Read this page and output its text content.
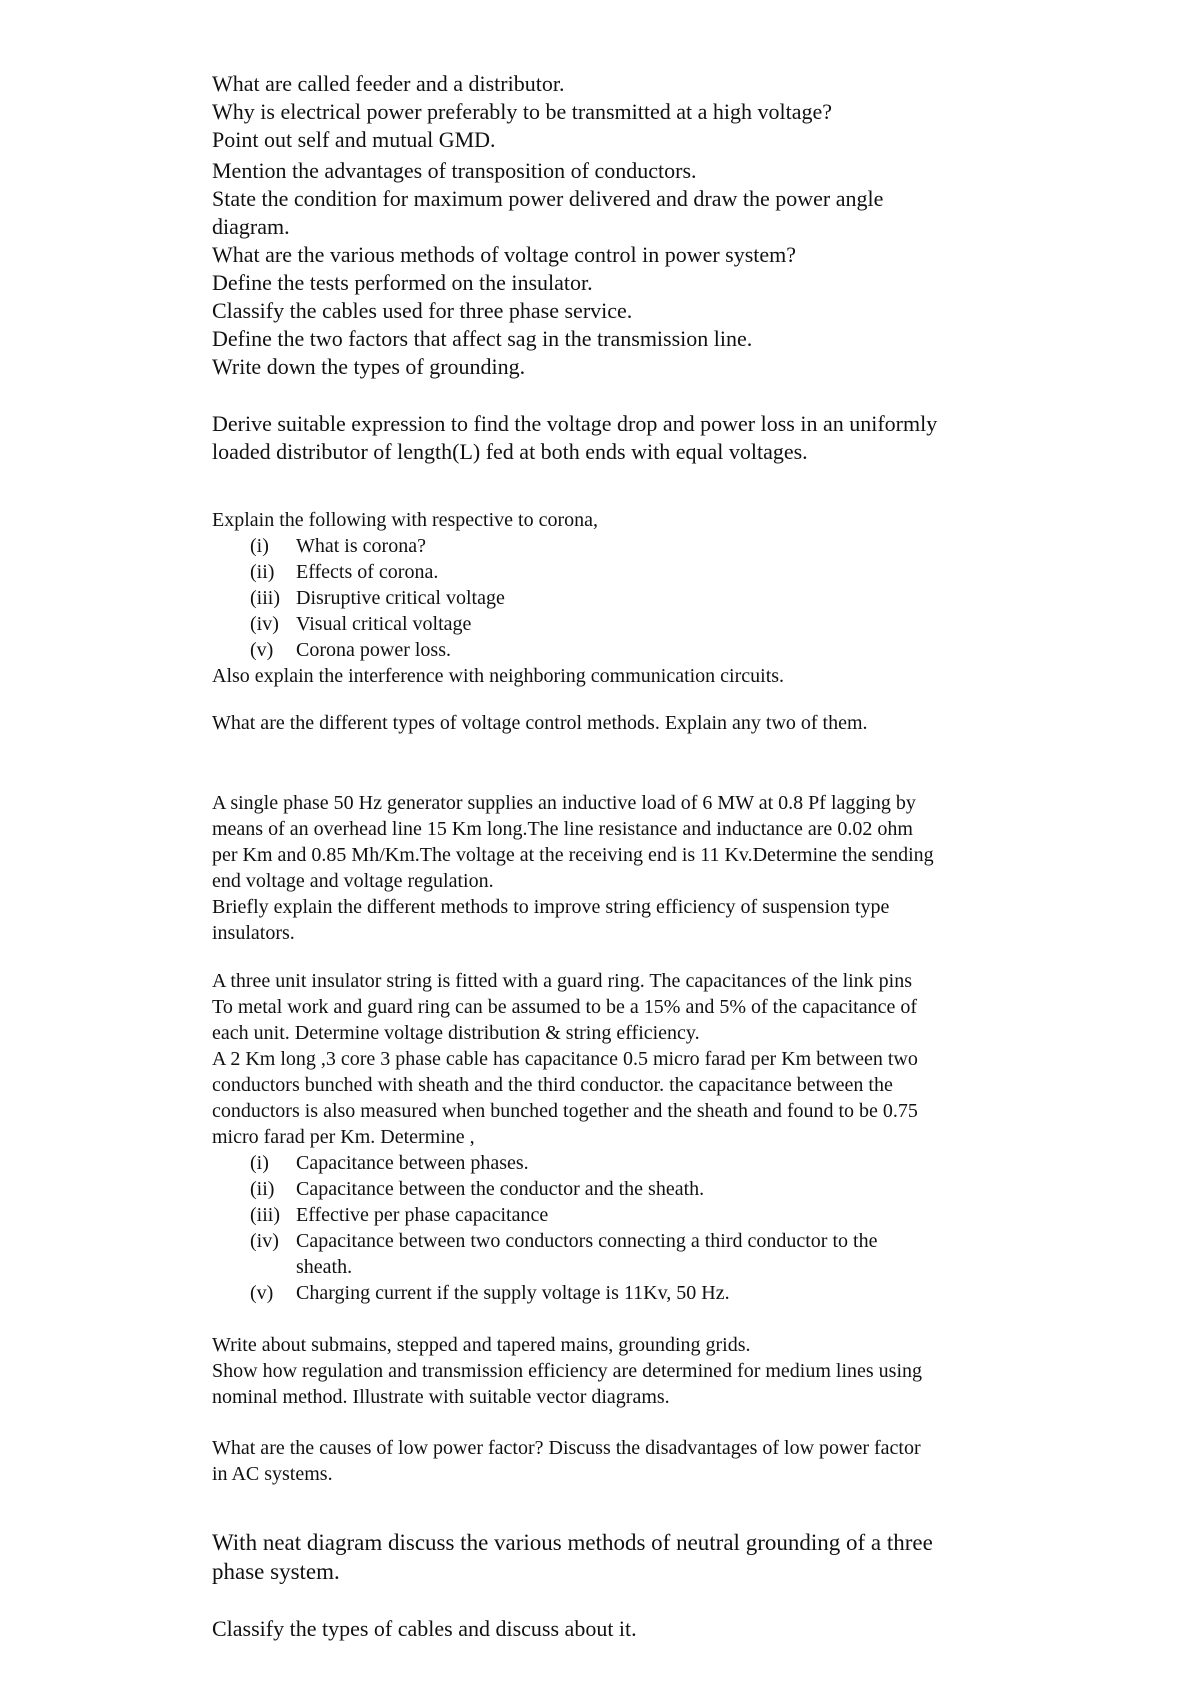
What are called feeder and a distributor.
Why is electrical power preferably to be transmitted at a high voltage?
Point out self and mutual GMD.
Mention the advantages of transposition of conductors.
State the condition for maximum power delivered and draw the power angle
diagram.
What are the various methods of voltage control in power system?
Define the tests performed on the insulator.
Classify the cables used for three phase service.
Define the two factors that affect sag in the transmission line.
Write down the types of grounding.
Derive suitable expression to find the voltage drop and power loss in an uniformly
loaded distributor of length(L) fed at both ends with equal voltages.
Explain the following with respective to corona,
(i)	What is corona?
(ii)	Effects of corona.
(iii) Disruptive critical voltage
(iv) Visual critical voltage
(v)	Corona power loss.
Also explain the interference with neighboring communication circuits.
What are the different types of voltage control methods. Explain any two of them.
A single phase 50 Hz generator supplies an inductive load of 6 MW at 0.8 Pf lagging by
means of an overhead line 15 Km long.The line resistance and inductance are 0.02 ohm
per Km and 0.85 Mh/Km.The voltage at the receiving end is 11 Kv.Determine the sending
end voltage and voltage regulation.
Briefly explain the different methods to improve string efficiency of suspension type
insulators.
A three unit insulator string is fitted with a guard ring. The capacitances of the link pins
To metal work and guard ring can be assumed to be a 15% and 5% of the capacitance of
each unit. Determine voltage distribution & string efficiency.
A 2 Km long ,3 core 3 phase cable has capacitance 0.5 micro farad per Km between two
conductors bunched with sheath and the third conductor. the capacitance between the
conductors is also measured when bunched together and the sheath and found to be 0.75
micro farad per Km. Determine ,
(i)	Capacitance between phases.
(ii)	Capacitance between the conductor and the sheath.
(iii) Effective per phase capacitance
(iv) Capacitance between two conductors connecting a third conductor to the
sheath.
(v)	Charging current if the supply voltage is 11Kv, 50 Hz.
Write about submains, stepped and tapered mains, grounding grids.
Show how regulation and transmission efficiency are determined for medium lines using
nominal method. Illustrate with suitable vector diagrams.
What are the causes of low power factor? Discuss the disadvantages of low power factor
in AC systems.
With neat diagram discuss the various methods of neutral grounding of a three
phase system.
Classify the types of cables and discuss about it.
